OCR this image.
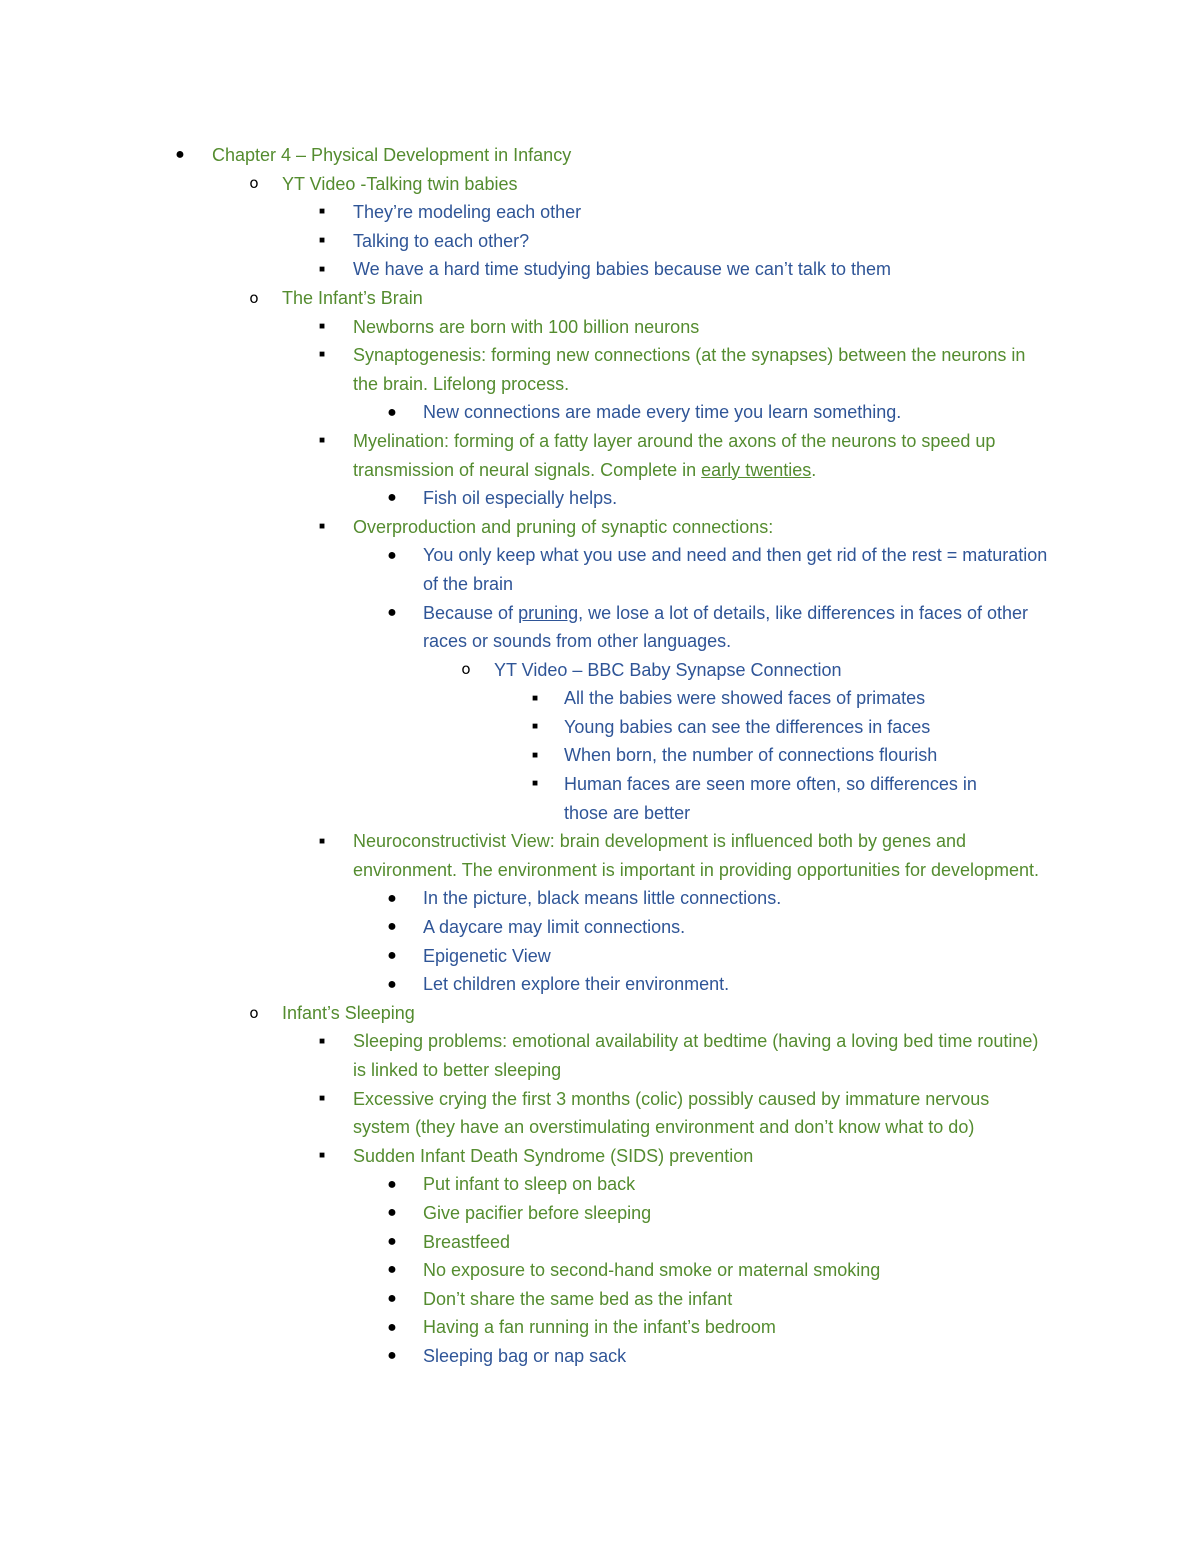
● Chapter 4 – Physical Development in Infancy
o	YT Video -Talking twin babies
■	They’re modeling each other
■	Talking to each other?
■	We have a hard time studying babies because we can’t talk to them
o	The Infant’s Brain
■	Newborns are born with 100 billion neurons
■	Synaptogenesis: forming new connections (at the synapses) between the neurons in the brain. Lifelong process.
● New connections are made every time you learn something.
■	Myelination: forming of a fatty layer around the axons of the neurons to speed up transmission of neural signals. Complete in early twenties.
● Fish oil especially helps.
■	Overproduction and pruning of synaptic connections:
● You only keep what you use and need and then get rid of the rest = maturation of the brain
● Because of pruning, we lose a lot of details, like differences in faces of other races or sounds from other languages.
o	YT Video – BBC Baby Synapse Connection
■	All the babies were showed faces of primates
■	Young babies can see the differences in faces
■	When born, the number of connections flourish
■	Human faces are seen more often, so differences in those are better
■	Neuroconstructivist View: brain development is influenced both by genes and environment. The environment is important in providing opportunities for development.
● In the picture, black means little connections.
● A daycare may limit connections.
● Epigenetic View
● Let children explore their environment.
o	Infant’s Sleeping
■	Sleeping problems: emotional availability at bedtime (having a loving bed time routine) is linked to better sleeping
■	Excessive crying the first 3 months (colic) possibly caused by immature nervous system (they have an overstimulating environment and don’t know what to do)
■	Sudden Infant Death Syndrome (SIDS) prevention
● Put infant to sleep on back
● Give pacifier before sleeping
● Breastfeed
● No exposure to second-hand smoke or maternal smoking
● Don’t share the same bed as the infant
● Having a fan running in the infant’s bedroom
● Sleeping bag or nap sack
